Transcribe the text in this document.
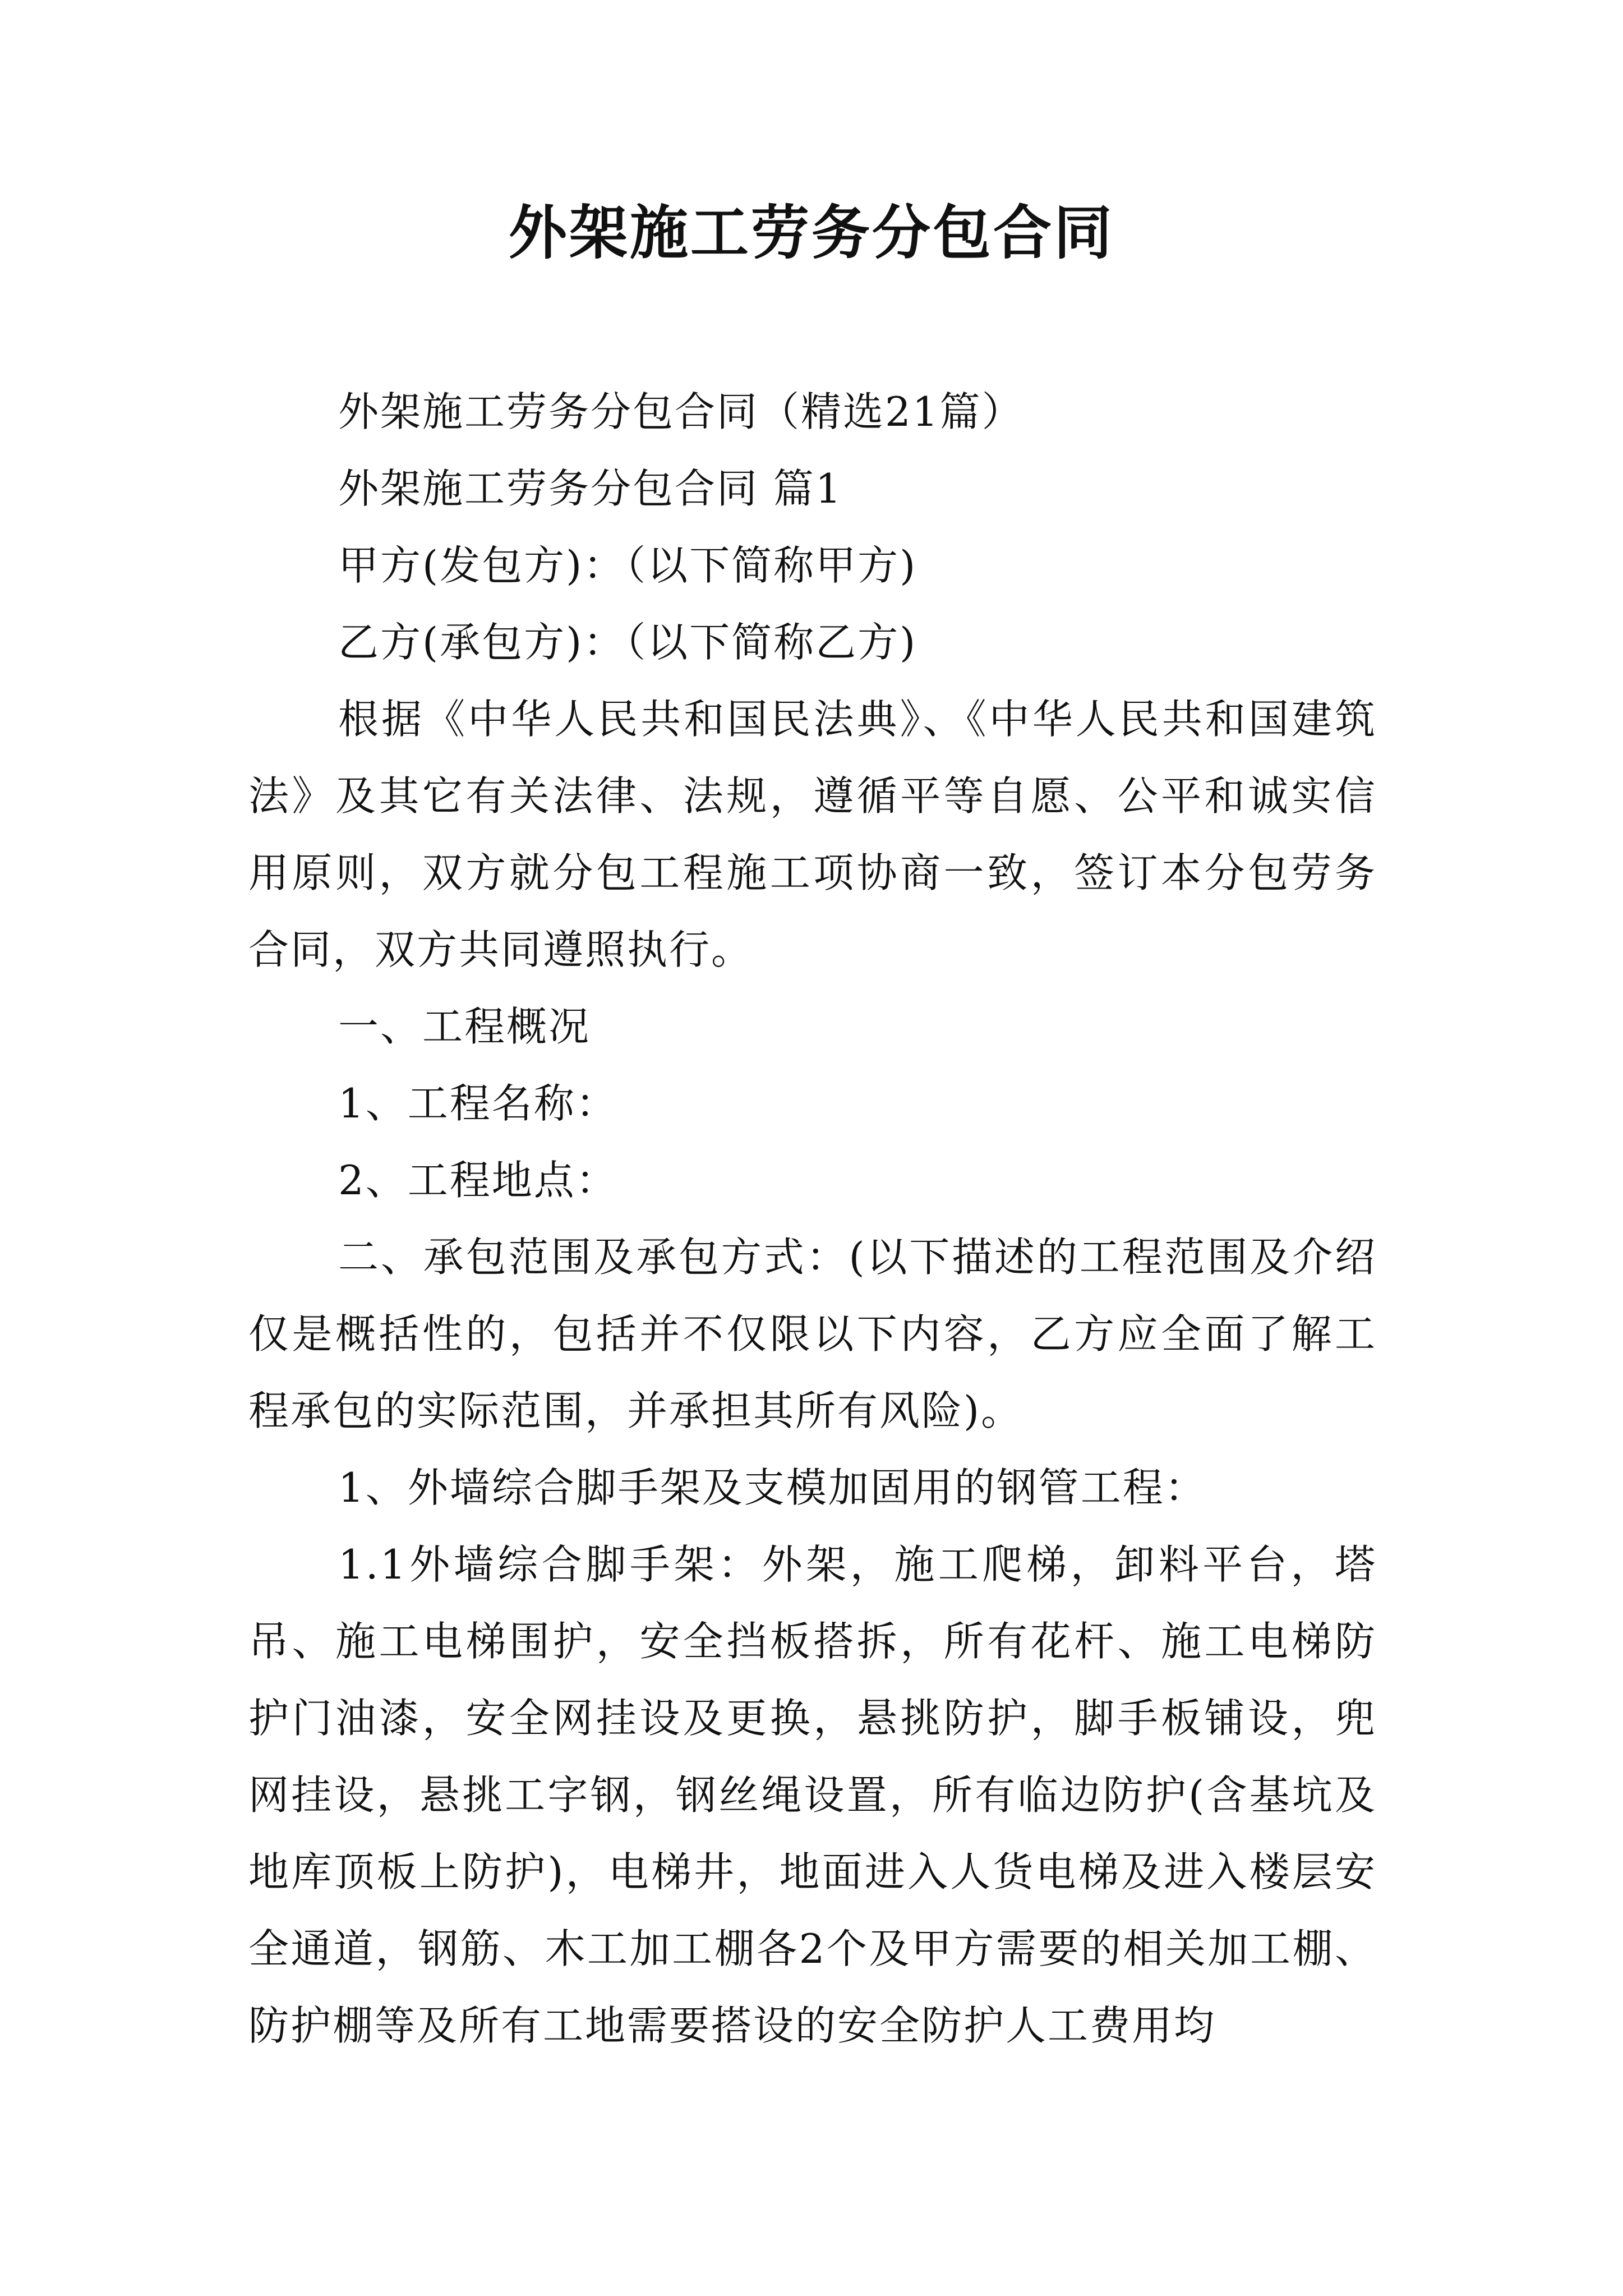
外架施工劳务分包合同

外架施工劳务分包合同（精选21篇）

外架施工劳务分包合同 篇1

甲方(发包方)：（以下简称甲方)

乙方(承包方)：（以下简称乙方)

根据《中华人民共和国民法典》、《中华人民共和国建筑法》及其它有关法律、法规，遵循平等自愿、公平和诚实信用原则，双方就分包工程施工项协商一致，签订本分包劳务合同，双方共同遵照执行。

一、工程概况

1、工程名称：

2、工程地点：

二、承包范围及承包方式：(以下描述的工程范围及介绍仅是概括性的，包括并不仅限以下内容，乙方应全面了解工程承包的实际范围，并承担其所有风险)。

1、外墙综合脚手架及支模加固用的钢管工程：

1.1外墙综合脚手架：外架，施工爬梯，卸料平台，塔吊、施工电梯围护，安全挡板搭拆，所有花杆、施工电梯防护门油漆，安全网挂设及更换，悬挑防护，脚手板铺设，兜网挂设，悬挑工字钢，钢丝绳设置，所有临边防护(含基坑及地库顶板上防护)，电梯井，地面进入人货电梯及进入楼层安全通道，钢筋、木工加工棚各2个及甲方需要的相关加工棚、防护棚等及所有工地需要搭设的安全防护人工费用均
